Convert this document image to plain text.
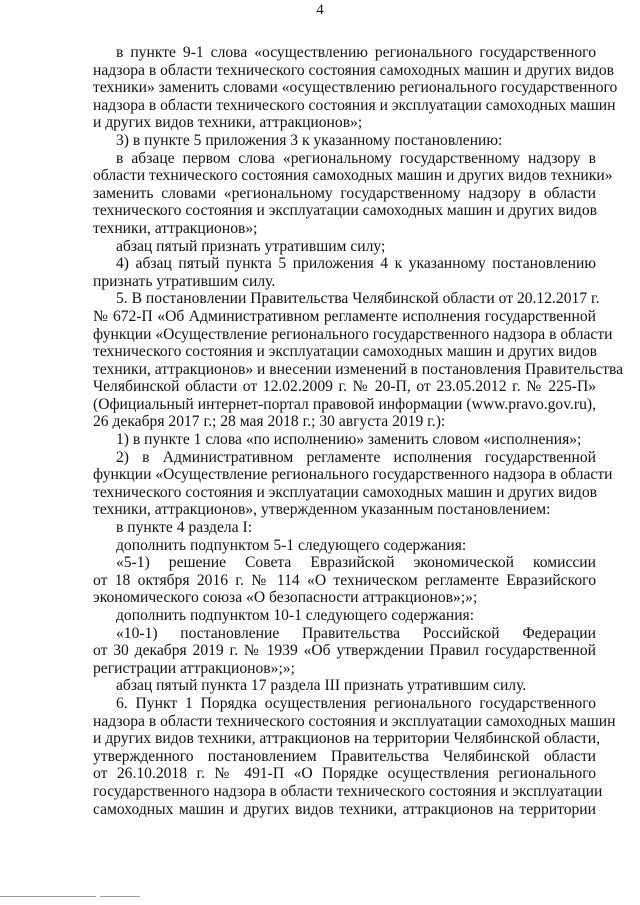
4
в пункте 9-1 слова «осуществлению регионального государственного
надзора в области технического состояния самоходных машин и других видов
техники» заменить словами «осуществлению регионального государственного
надзора в области технического состояния и эксплуатации самоходных машин
и других видов техники, аттракционов»;
3) в пункте 5 приложения 3 к указанному постановлению:
в абзаце первом слова «региональному государственному надзору в
области технического состояния самоходных машин и других видов техники»
заменить словами «региональному государственному надзору в области
технического состояния и эксплуатации самоходных машин и других видов
техники, аттракционов»;
абзац пятый признать утратившим силу;
4) абзац пятый пункта 5 приложения 4 к указанному постановлению
признать утратившим силу.
5. В постановлении Правительства Челябинской области от 20.12.2017 г.
№ 672-П «Об Административном регламенте исполнения государственной
функции «Осуществление регионального государственного надзора в области
технического состояния и эксплуатации самоходных машин и других видов
техники, аттракционов» и внесении изменений в постановления Правительства
Челябинской области от 12.02.2009 г. № 20-П, от 23.05.2012 г. № 225-П»
(Официальный интернет-портал правовой информации (www.pravo.gov.ru),
26 декабря 2017 г.; 28 мая 2018 г.; 30 августа 2019 г.):
1) в пункте 1 слова «по исполнению» заменить словом «исполнения»;
2) в Административном регламенте исполнения государственной
функции «Осуществление регионального государственного надзора в области
технического состояния и эксплуатации самоходных машин и других видов
техники, аттракционов», утвержденном указанным постановлением:
в пункте 4 раздела I:
дополнить подпунктом 5-1 следующего содержания:
«5-1) решение Совета Евразийской экономической комиссии
от 18 октября 2016 г. № 114 «О техническом регламенте Евразийского
экономического союза «О безопасности аттракционов»;»;
дополнить подпунктом 10-1 следующего содержания:
«10-1) постановление Правительства Российской Федерации
от 30 декабря 2019 г. № 1939 «Об утверждении Правил государственной
регистрации аттракционов»;»;
абзац пятый пункта 17 раздела III признать утратившим силу.
6. Пункт 1 Порядка осуществления регионального государственного
надзора в области технического состояния и эксплуатации самоходных машин
и других видов техники, аттракционов на территории Челябинской области,
утвержденного постановлением Правительства Челябинской области
от 26.10.2018 г. № 491-П «О Порядке осуществления регионального
государственного надзора в области технического состояния и эксплуатации
самоходных машин и других видов техники, аттракционов на территории
